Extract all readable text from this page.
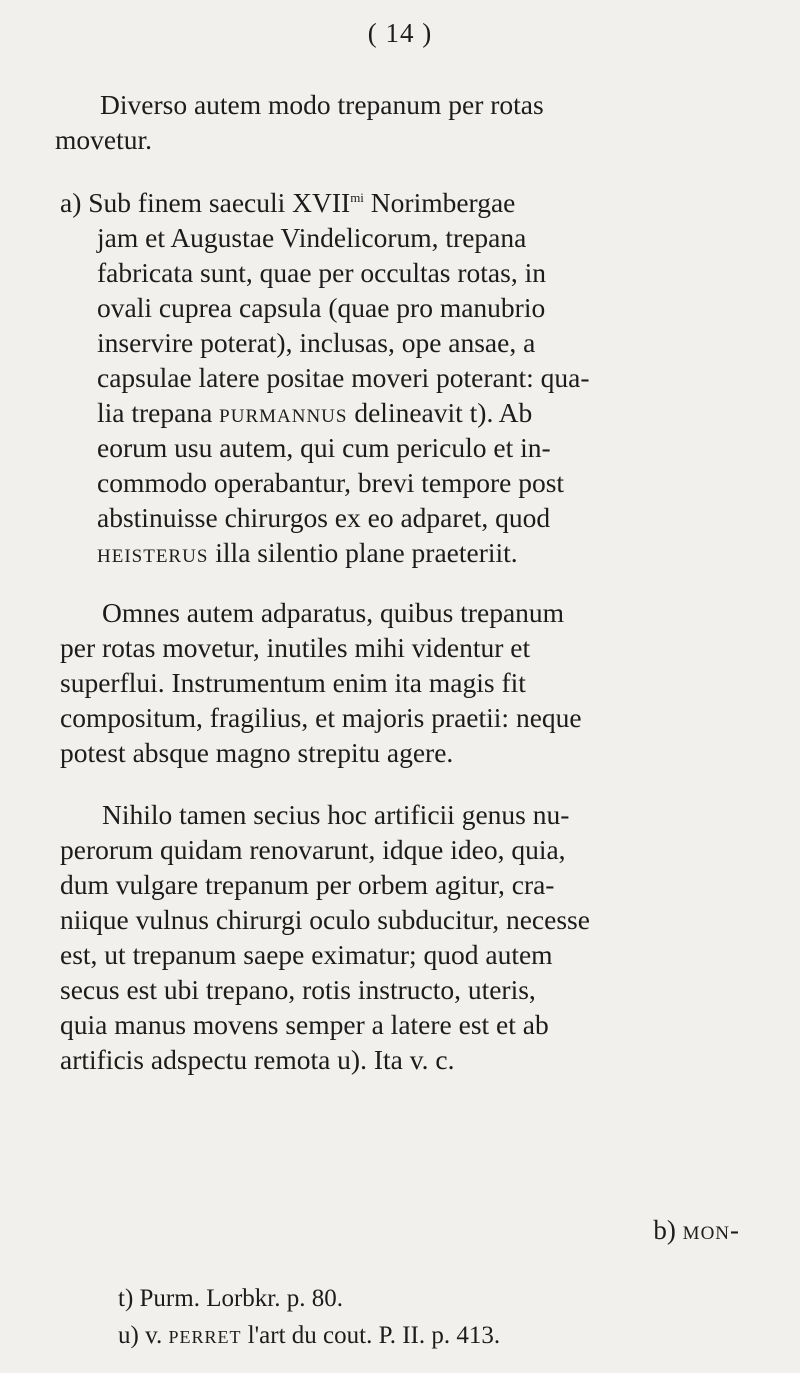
( 14 )
Diverso autem modo trepanum per rotas
movetur.
a) Sub finem saeculi $XVII^{mi}$ Norimbergae
jam et Augustae Vindelicorum, trepana
fabricata sunt, quae per occultas rotas, in
ovali cuprea capsula (quae pro manubrio
inservire poterat), inclusas, ope ansae, a
capsulae latere positae moveri poterant: qua-
lia trepana purmannus delineavit t). Ab
eorum usu autem, qui cum periculo et in-
commodo operabantur, brevi tempore post
abstinuisse chirurgos ex eo adparet, quod
heisterus illa silentio plane praeteriit.
Omnes autem adparatus, quibus trepanum
per rotas movetur, inutiles mihi videntur et
superflui. Instrumentum enim ita magis fit
compositum, fragilius, et majoris praetii: neque
potest absque magno strepitu agere.
Nihilo tamen secius hoc artificii genus nu-
perorum quidam renovarunt, idque ideo, quia,
dum vulgare trepanum per orbem agitur, cra-
niique vulnus chirurgi oculo subducitur, necesse
est, ut trepanum saepe eximatur; quod autem
secus est ubi trepano, rotis instructo, uteris,
quia manus movens semper a latere est et ab
artificis adspectu remota u). Ita v. c.
b) mon-
t) Purm. Lorbkr. p. 80.
u) v. perret l'art du cout. P. II. p. 413.
